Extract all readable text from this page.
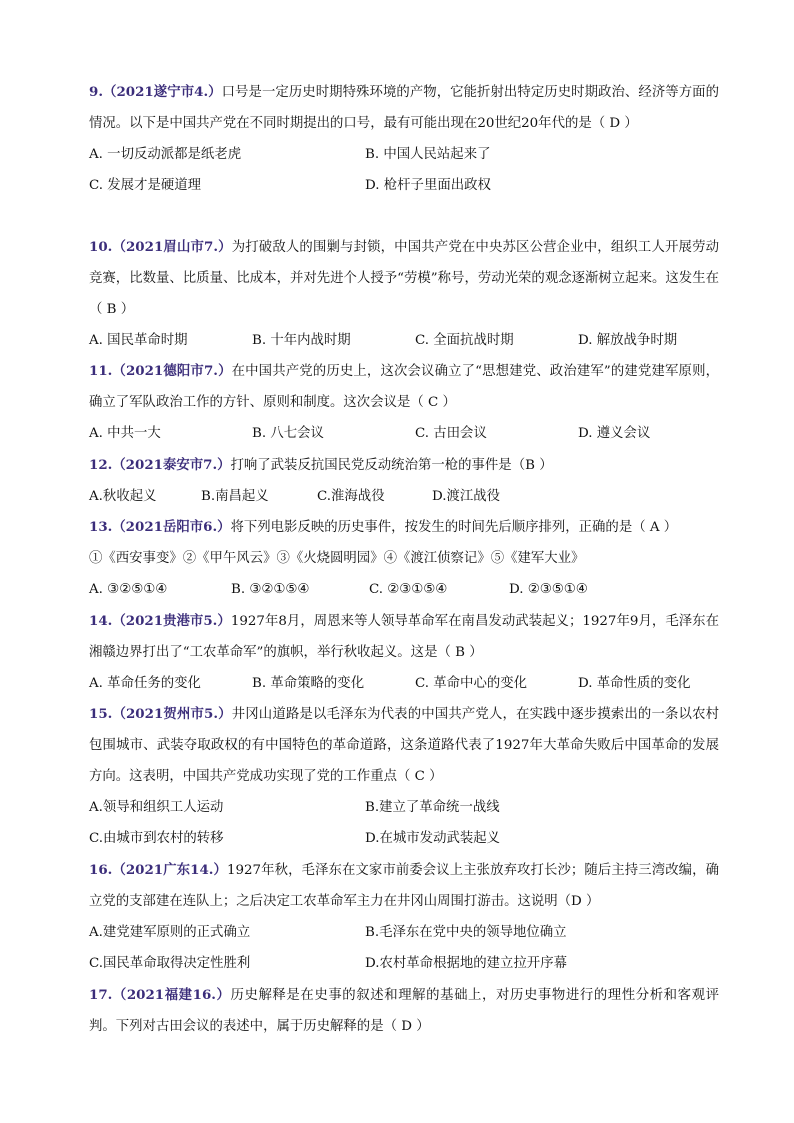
9.（2021遂宁市4.）口号是一定历史时期特殊环境的产物，它能折射出特定历史时期政治、经济等方面的情况。以下是中国共产党在不同时期提出的口号，最有可能出现在20世纪20年代的是（ D ）

A. 一切反动派都是纸老虎	B. 中国人民站起来了
C. 发展才是硬道理	D. 枪杆子里面出政权

10.（2021眉山市7.）为打破敌人的围剿与封锁，中国共产党在中央苏区公营企业中，组织工人开展劳动竞赛，比数量、比质量、比成本，并对先进个人授予“劳模”称号，劳动光荣的观念逐渐树立起来。这发生在（ B ）

A. 国民革命时期	B. 十年内战时期	C. 全面抗战时期	D. 解放战争时期

11.（2021德阳市7.）在中国共产党的历史上，这次会议确立了“思想建党、政治建军”的建党建军原则，确立了军队政治工作的方针、原则和制度。这次会议是（ C ）

A. 中共一大	B. 八七会议	C. 古田会议	D. 遵义会议

12.（2021泰安市7.）打响了武装反抗国民党反动统治第一枪的事件是（B ）

A.秋收起义	B.南昌起义	C.淮海战役	D.渡江战役

13.（2021岳阳市6.）将下列电影反映的历史事件，按发生的时间先后顺序排列，正确的是（ A ）

①《西安事变》②《甲午风云》③《火烧圆明园》④《渡江侦察记》⑤《建军大业》

A. ③②⑤①④	B. ③②①⑤④	C. ②③①⑤④	D. ②③⑤①④

14.（2021贵港市5.）1927年8月，周恩来等人领导革命军在南昌发动武装起义；1927年9月，毛泽东在湘赣边界打出了“工农革命军”的旗帜，举行秋收起义。这是（ B ）

A. 革命任务的变化	B. 革命策略的变化	C. 革命中心的变化	D. 革命性质的变化

15.（2021贺州市5.）井冈山道路是以毛泽东为代表的中国共产党人，在实践中逐步摸索出的一条以农村包围城市、武装夺取政权的有中国特色的革命道路，这条道路代表了1927年大革命失败后中国革命的发展方向。这表明，中国共产党成功实现了党的工作重点（ C ）

A.领导和组织工人运动	B.建立了革命统一战线
C.由城市到农村的转移	D.在城市发动武装起义

16.（2021广东14.）1927年秋，毛泽东在文家市前委会议上主张放弃攻打长沙；随后主持三湾改编，确立党的支部建在连队上；之后决定工农革命军主力在井冈山周围打游击。这说明（D ）

A.建党建军原则的正式确立	B.毛泽东在党中央的领导地位确立
C.国民革命取得决定性胜利	D.农村革命根据地的建立拉开序幕

17.（2021福建16.）历史解释是在史事的叙述和理解的基础上，对历史事物进行的理性分析和客观评判。下列对古田会议的表述中，属于历史解释的是（ D ）
